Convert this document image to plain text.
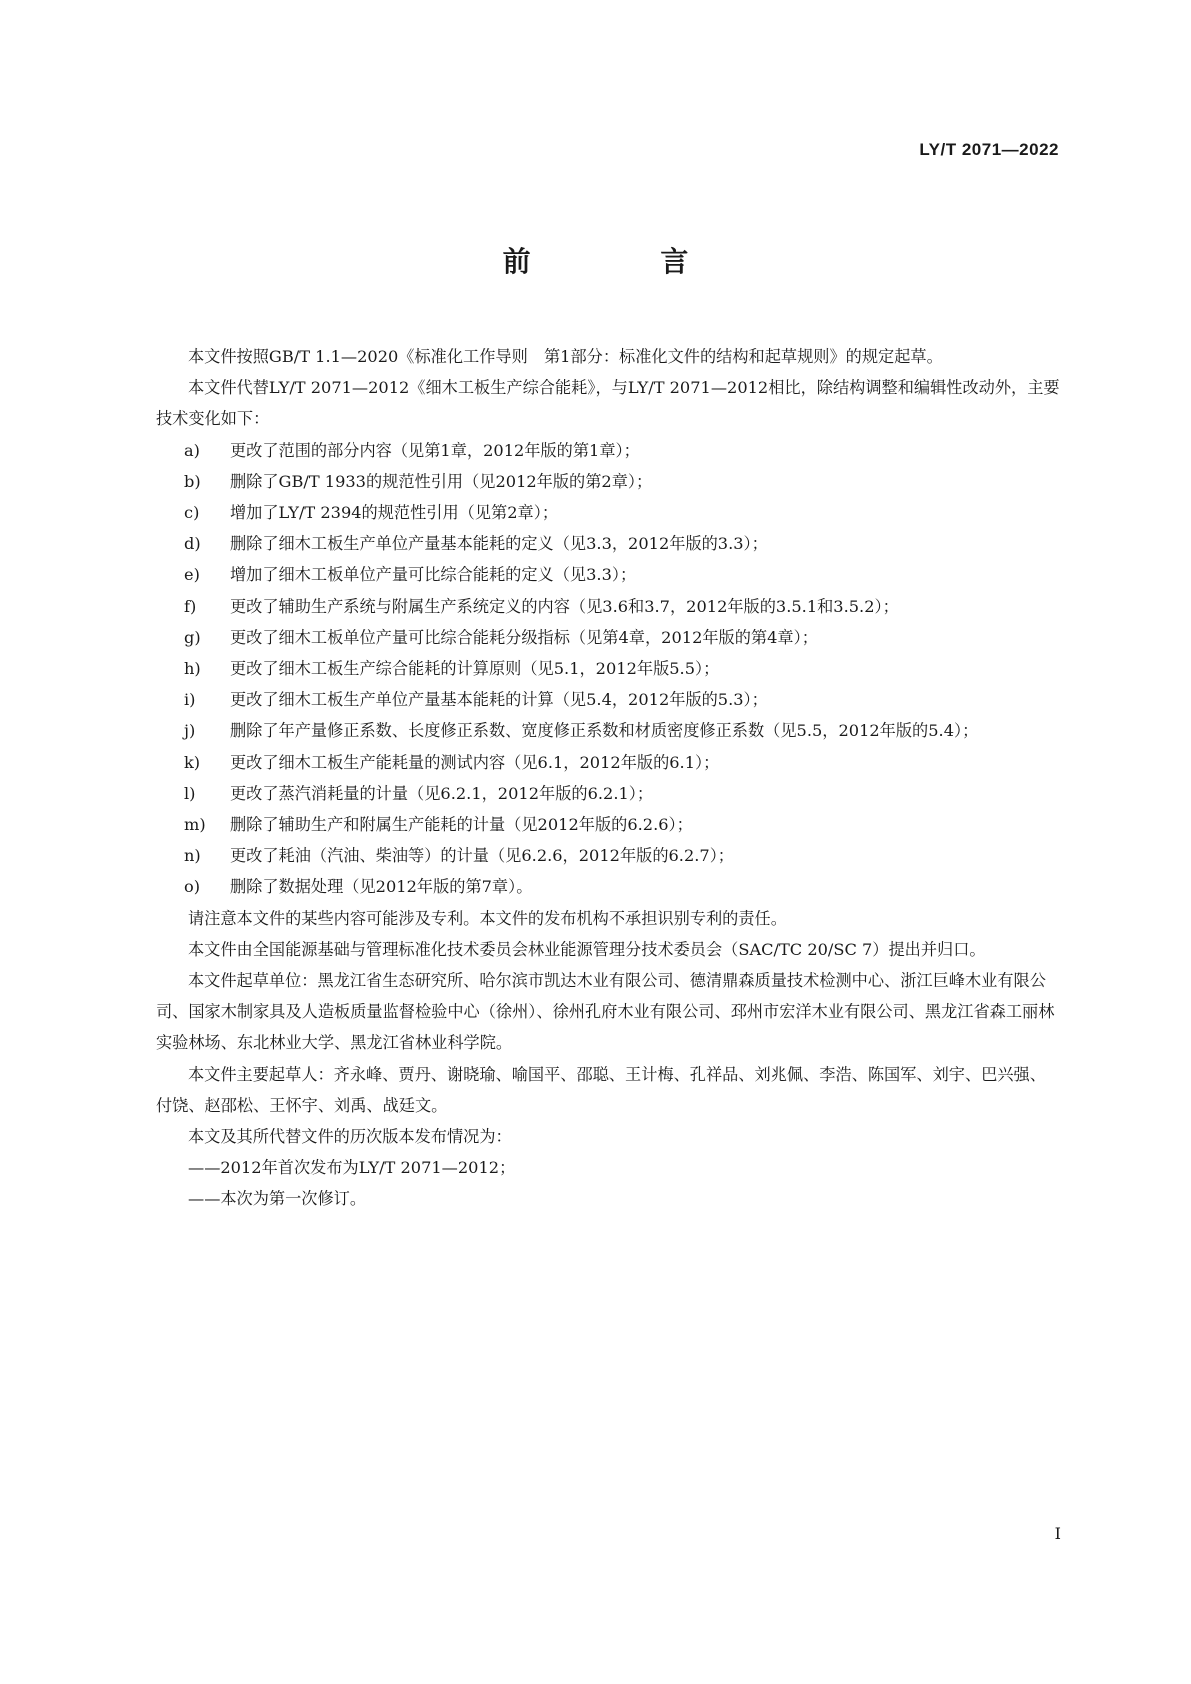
LY/T 2071—2022
前 言

本文件按照GB/T 1.1—2020《标准化工作导则　第1部分：标准化文件的结构和起草规则》的规定起草。

本文件代替LY/T 2071—2012《细木工板生产综合能耗》，与LY/T 2071—2012相比，除结构调整和编辑性改动外，主要技术变化如下：

a)	更改了范围的部分内容（见第1章，2012年版的第1章）；
b)	删除了GB/T 1933的规范性引用（见2012年版的第2章）；
c)	增加了LY/T 2394的规范性引用（见第2章）；
d)	删除了细木工板生产单位产量基本能耗的定义（见3.3，2012年版的3.3）；
e)	增加了细木工板单位产量可比综合能耗的定义（见3.3）；
f)	更改了辅助生产系统与附属生产系统定义的内容（见3.6和3.7，2012年版的3.5.1和3.5.2）；
g)	更改了细木工板单位产量可比综合能耗分级指标（见第4章，2012年版的第4章）；
h)	更改了细木工板生产综合能耗的计算原则（见5.1，2012年版5.5）；
i)	更改了细木工板生产单位产量基本能耗的计算（见5.4，2012年版的5.3）；
j)	删除了年产量修正系数、长度修正系数、宽度修正系数和材质密度修正系数（见5.5，2012年版的5.4）；
k)	更改了细木工板生产能耗量的测试内容（见6.1，2012年版的6.1）；
l)	更改了蒸汽消耗量的计量（见6.2.1，2012年版的6.2.1）；
m)	删除了辅助生产和附属生产能耗的计量（见2012年版的6.2.6）；
n)	更改了耗油（汽油、柴油等）的计量（见6.2.6，2012年版的6.2.7）；
o)	删除了数据处理（见2012年版的第7章）。

请注意本文件的某些内容可能涉及专利。本文件的发布机构不承担识别专利的责任。

本文件由全国能源基础与管理标准化技术委员会林业能源管理分技术委员会（SAC/TC 20/SC 7）提出并归口。

本文件起草单位：黑龙江省生态研究所、哈尔滨市凯达木业有限公司、德清鼎森质量技术检测中心、浙江巨峰木业有限公司、国家木制家具及人造板质量监督检验中心（徐州）、徐州孔府木业有限公司、邳州市宏洋木业有限公司、黑龙江省森工丽林实验林场、东北林业大学、黑龙江省林业科学院。

本文件主要起草人：齐永峰、贾丹、谢晓瑜、喻国平、邵聪、王计梅、孔祥品、刘兆佩、李浩、陈国军、刘宇、巴兴强、付饶、赵邵松、王怀宇、刘禹、战廷文。

本文及其所代替文件的历次版本发布情况为：

——2012年首次发布为LY/T 2071—2012；

——本次为第一次修订。

I
